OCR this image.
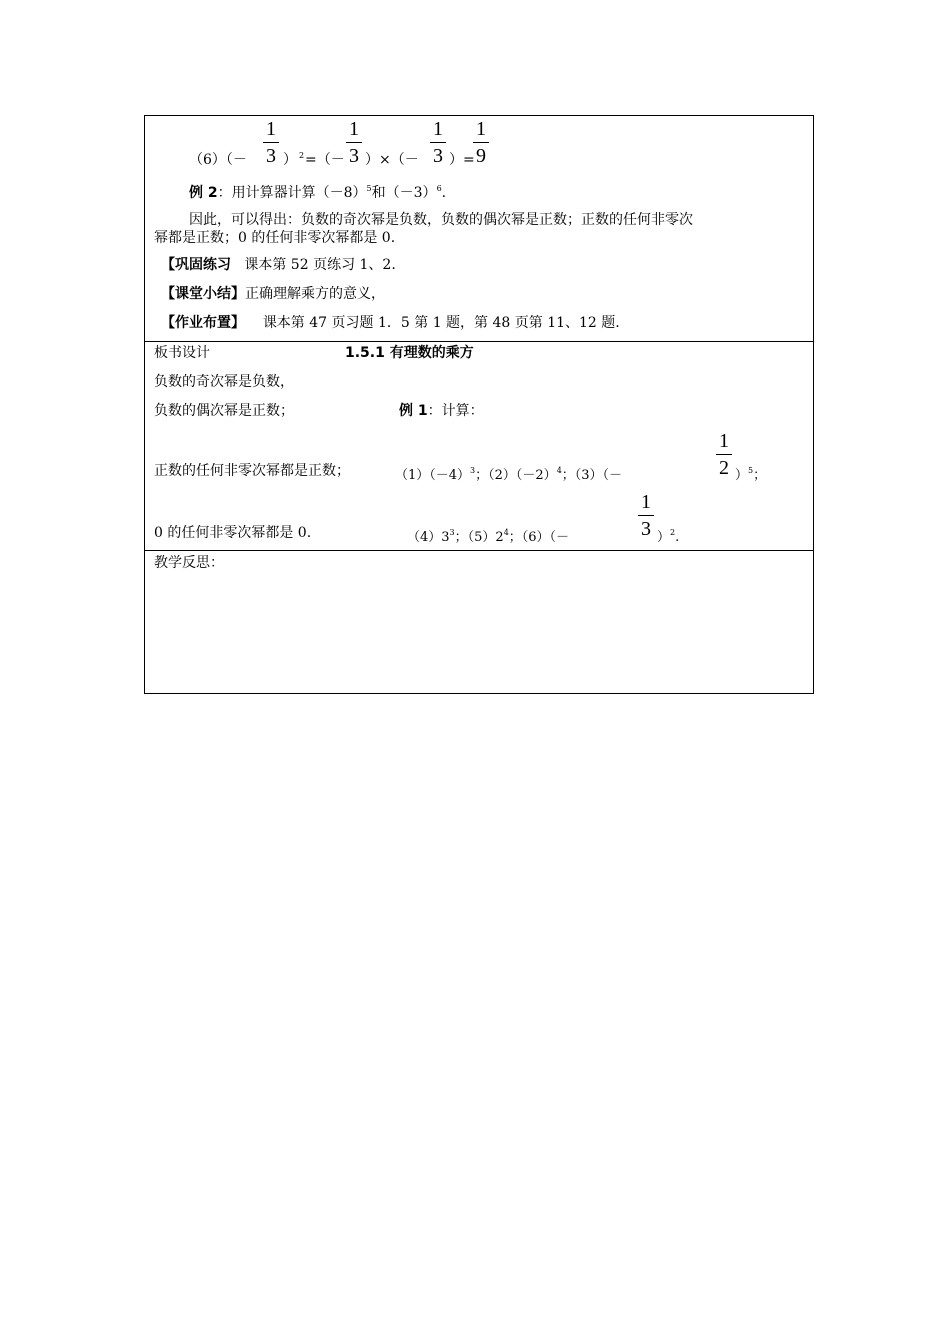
（6）（－
1
3 ） 2 =（－
1
3 ）×（－
1
3 ）=
1
9
例 2：用计算器计算$(-8)^5$和$(-3)^6$.
因此，可以得出：负数的奇次幂是负数，负数的偶次幂是正数；正数的任何非零次
幂都是正数；0 的任何非零次幂都是 0.
【巩固练习 课本第 52 页练习 1、2.
【课堂小结】正确理解乘方的意义，
【作业布置】 课本第 47 页习题 1．5 第 1 题，第 48 页第 11、12 题.
板书设计	1.5.1 有理数的乘方
负数的奇次幂是负数，
负数的偶次幂是正数；	例 1：计算：
正数的任何非零次幂都是正数；	$(1)(-4)^3$；$(2)(-2)^4$；（3）（－
1
2 ）$^5$；
0 的任何非零次幂都是 0.	$(4)3^3$；$(5)2^4$；（6）（－
1
3 ）$^2$.
教学反思：
